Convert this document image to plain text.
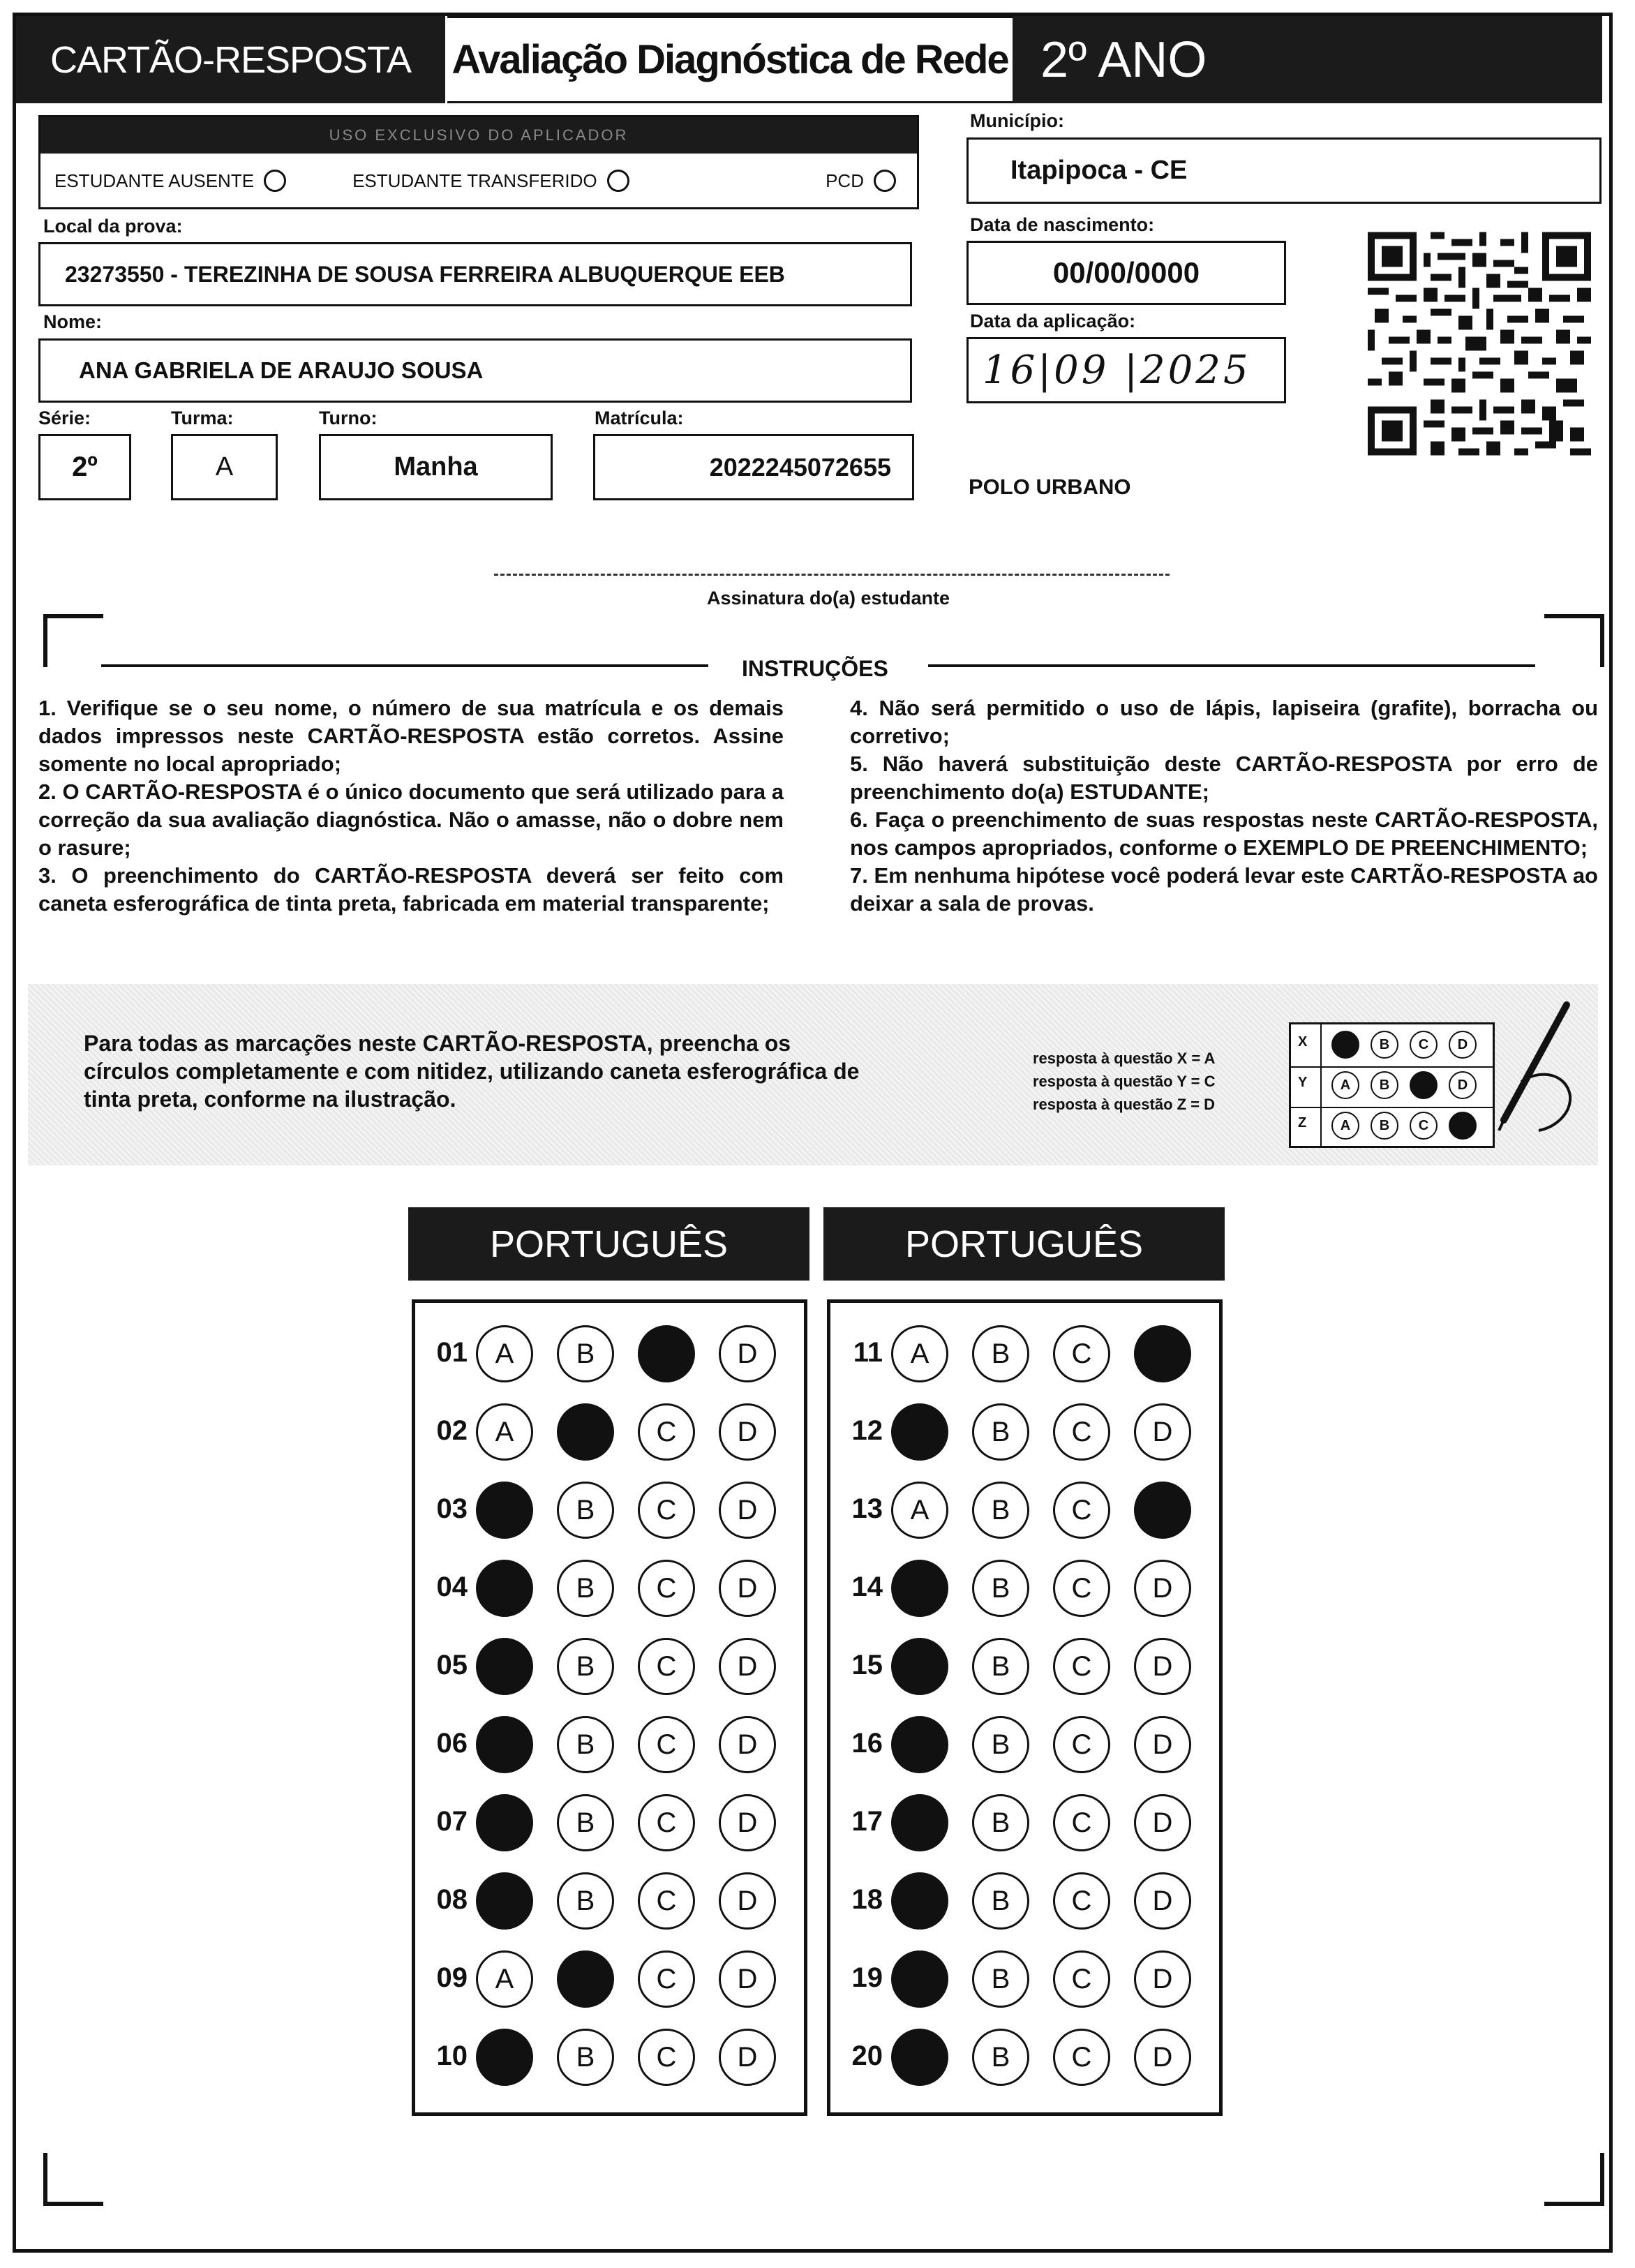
CARTÃO-RESPOSTA Avaliação Diagnóstica de Rede 2º ANO
USO EXCLUSIVO DO APLICADOR
ESTUDANTE AUSENTE	ESTUDANTE TRANSFERIDO	PCD
Local da prova:
23273550 - TEREZINHA DE SOUSA FERREIRA ALBUQUERQUE EEB
Nome:
ANA GABRIELA DE ARAUJO SOUSA
Série:
2º
Turma:
A
Turno:
Manha
Matrícula:
2022245072655
Município:
Itapipoca - CE
Data de nascimento:
00/00/0000
Data da aplicação:
16|09 |2025
POLO URBANO
Assinatura do(a) estudante
INSTRUÇÕES

1. Verifique se o seu nome, o número de sua matrícula e os demais dados impressos neste CARTÃO-RESPOSTA estão corretos. Assine somente no local apropriado;

2. O CARTÃO-RESPOSTA é o único documento que será utilizado para a correção da sua avaliação diagnóstica. Não o amasse, não o dobre nem o rasure;

3. O preenchimento do CARTÃO-RESPOSTA deverá ser feito com caneta esferográfica de tinta preta, fabricada em material transparente;

4. Não será permitido o uso de lápis, lapiseira (grafite), borracha ou corretivo;

5. Não haverá substituição deste CARTÃO-RESPOSTA por erro de preenchimento do(a) ESTUDANTE;

6. Faça o preenchimento de suas respostas neste CARTÃO-RESPOSTA, nos campos apropriados, conforme o EXEMPLO DE PREENCHIMENTO;

7. Em nenhuma hipótese você poderá levar este CARTÃO-RESPOSTA ao deixar a sala de provas.

Para todas as marcações neste CARTÃO-RESPOSTA, preencha os círculos completamente e com nitidez, utilizando caneta esferográfica de tinta preta, conforme na ilustração.
resposta à questão X = A
resposta à questão Y = C
resposta à questão Z = D
X	B C D
Y A B	D
Z A B C
PORTUGUÊS
01 A B	D
02 A	C D
03	B C D
04	B C D
05	B C D
06	B C D
07	B C D
08	B C D
09 A	C D
10	B C D
PORTUGUÊS
11 A B C
12	B C D
13 A B C
14	B C D
15	B C D
16	B C D
17	B C D
18	B C D
19	B C D
20	B C D
